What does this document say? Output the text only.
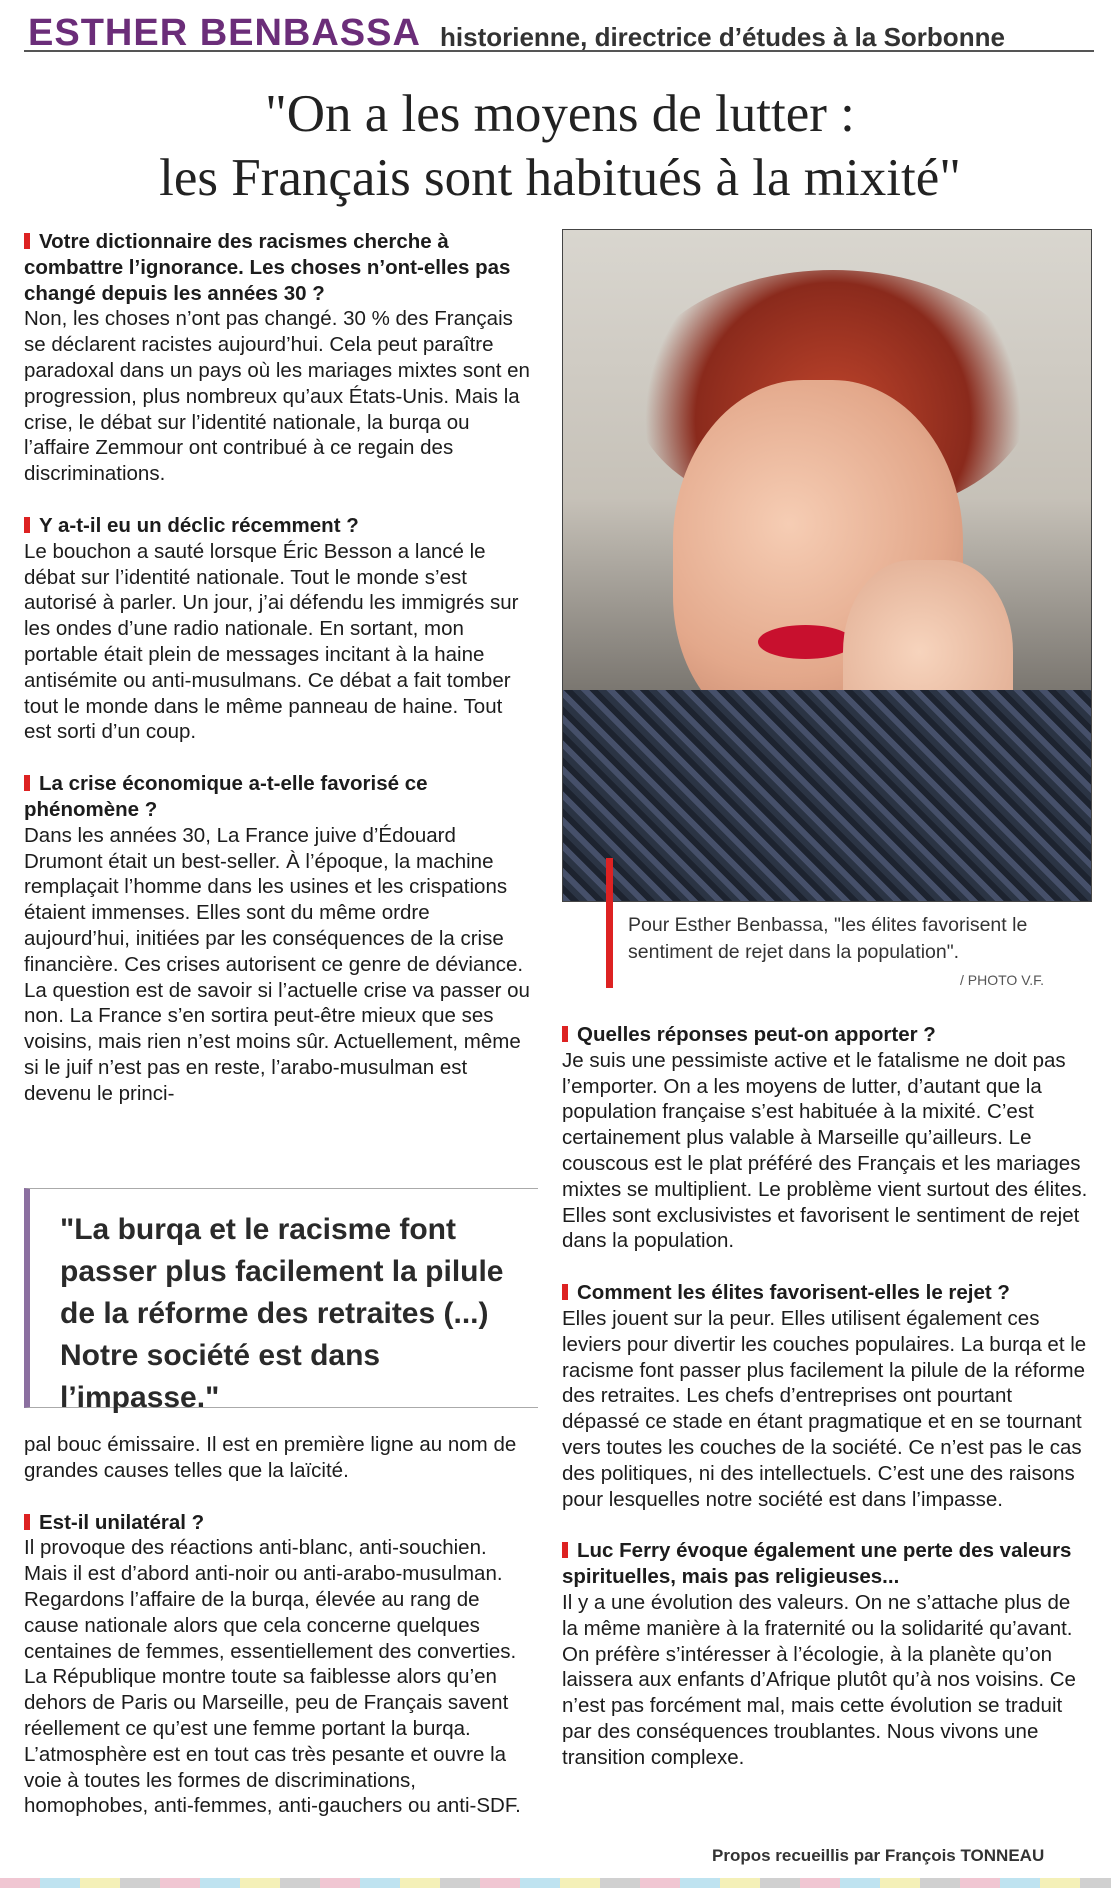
ESTHER BENBASSA historienne, directrice d’études à la Sorbonne
"On a les moyens de lutter :
les Français sont habitués à la mixité"

Votre dictionnaire des racismes cherche à combattre l’ignorance. Les choses n’ont-elles pas changé depuis les années 30 ?

Non, les choses n’ont pas changé. 30 % des Français se déclarent racistes aujourd’hui. Cela peut paraître paradoxal dans un pays où les mariages mixtes sont en progression, plus nombreux qu’aux États-Unis. Mais la crise, le débat sur l’identité nationale, la burqa ou l’affaire Zemmour ont contribué à ce regain des discriminations.

Y a-t-il eu un déclic récemment ?

Le bouchon a sauté lorsque Éric Besson a lancé le débat sur l’identité nationale. Tout le monde s’est autorisé à parler. Un jour, j’ai défendu les immigrés sur les ondes d’une radio nationale. En sortant, mon portable était plein de messages incitant à la haine antisémite ou anti-musulmans. Ce débat a fait tomber tout le monde dans le même panneau de haine. Tout est sorti d’un coup.

La crise économique a-t-elle favorisé ce phénomène ?

Dans les années 30, La France juive d’Édouard Drumont était un best-seller. À l’époque, la machine remplaçait l’homme dans les usines et les crispations étaient immenses. Elles sont du même ordre aujourd’hui, initiées par les conséquences de la crise financière. Ces crises autorisent ce genre de déviance. La question est de savoir si l’actuelle crise va passer ou non. La France s’en sortira peut-être mieux que ses voisins, mais rien n’est moins sûr. Actuellement, même si le juif n’est pas en reste, l’arabo-musulman est devenu le princi-

"La burqa et le racisme font passer plus facilement la pilule de la réforme des retraites (...) Notre société est dans l’impasse."

pal bouc émissaire. Il est en première ligne au nom de grandes causes telles que la laïcité.

Est-il unilatéral ?

Il provoque des réactions anti-blanc, anti-souchien. Mais il est d’abord anti-noir ou anti-arabo-musulman. Regardons l’affaire de la burqa, élevée au rang de cause nationale alors que cela concerne quelques centaines de femmes, essentiellement des converties. La République montre toute sa faiblesse alors qu’en dehors de Paris ou Marseille, peu de Français savent réellement ce qu’est une femme portant la burqa. L’atmosphère est en tout cas très pesante et ouvre la voie à toutes les formes de discriminations, homophobes, anti-femmes, anti-gauchers ou anti-SDF.

Pour Esther Benbassa, "les élites favorisent le sentiment de rejet dans la population".
/ PHOTO V.F.

Quelles réponses peut-on apporter ?

Je suis une pessimiste active et le fatalisme ne doit pas l’emporter. On a les moyens de lutter, d’autant que la population française s’est habituée à la mixité. C’est certainement plus valable à Marseille qu’ailleurs. Le couscous est le plat préféré des Français et les mariages mixtes se multiplient. Le problème vient surtout des élites. Elles sont exclusivistes et favorisent le sentiment de rejet dans la population.

Comment les élites favorisent-elles le rejet ?

Elles jouent sur la peur. Elles utilisent également ces leviers pour divertir les couches populaires. La burqa et le racisme font passer plus facilement la pilule de la réforme des retraites. Les chefs d’entreprises ont pourtant dépassé ce stade en étant pragmatique et en se tournant vers toutes les couches de la société. Ce n’est pas le cas des politiques, ni des intellectuels. C’est une des raisons pour lesquelles notre société est dans l’impasse.

Luc Ferry évoque également une perte des valeurs spirituelles, mais pas religieuses...

Il y a une évolution des valeurs. On ne s’attache plus de la même manière à la fraternité ou la solidarité qu’avant. On préfère s’intéresser à l’écologie, à la planète qu’on laissera aux enfants d’Afrique plutôt qu’à nos voisins. Ce n’est pas forcément mal, mais cette évolution se traduit par des conséquences troublantes. Nous vivons une transition complexe.

Propos recueillis par François TONNEAU
